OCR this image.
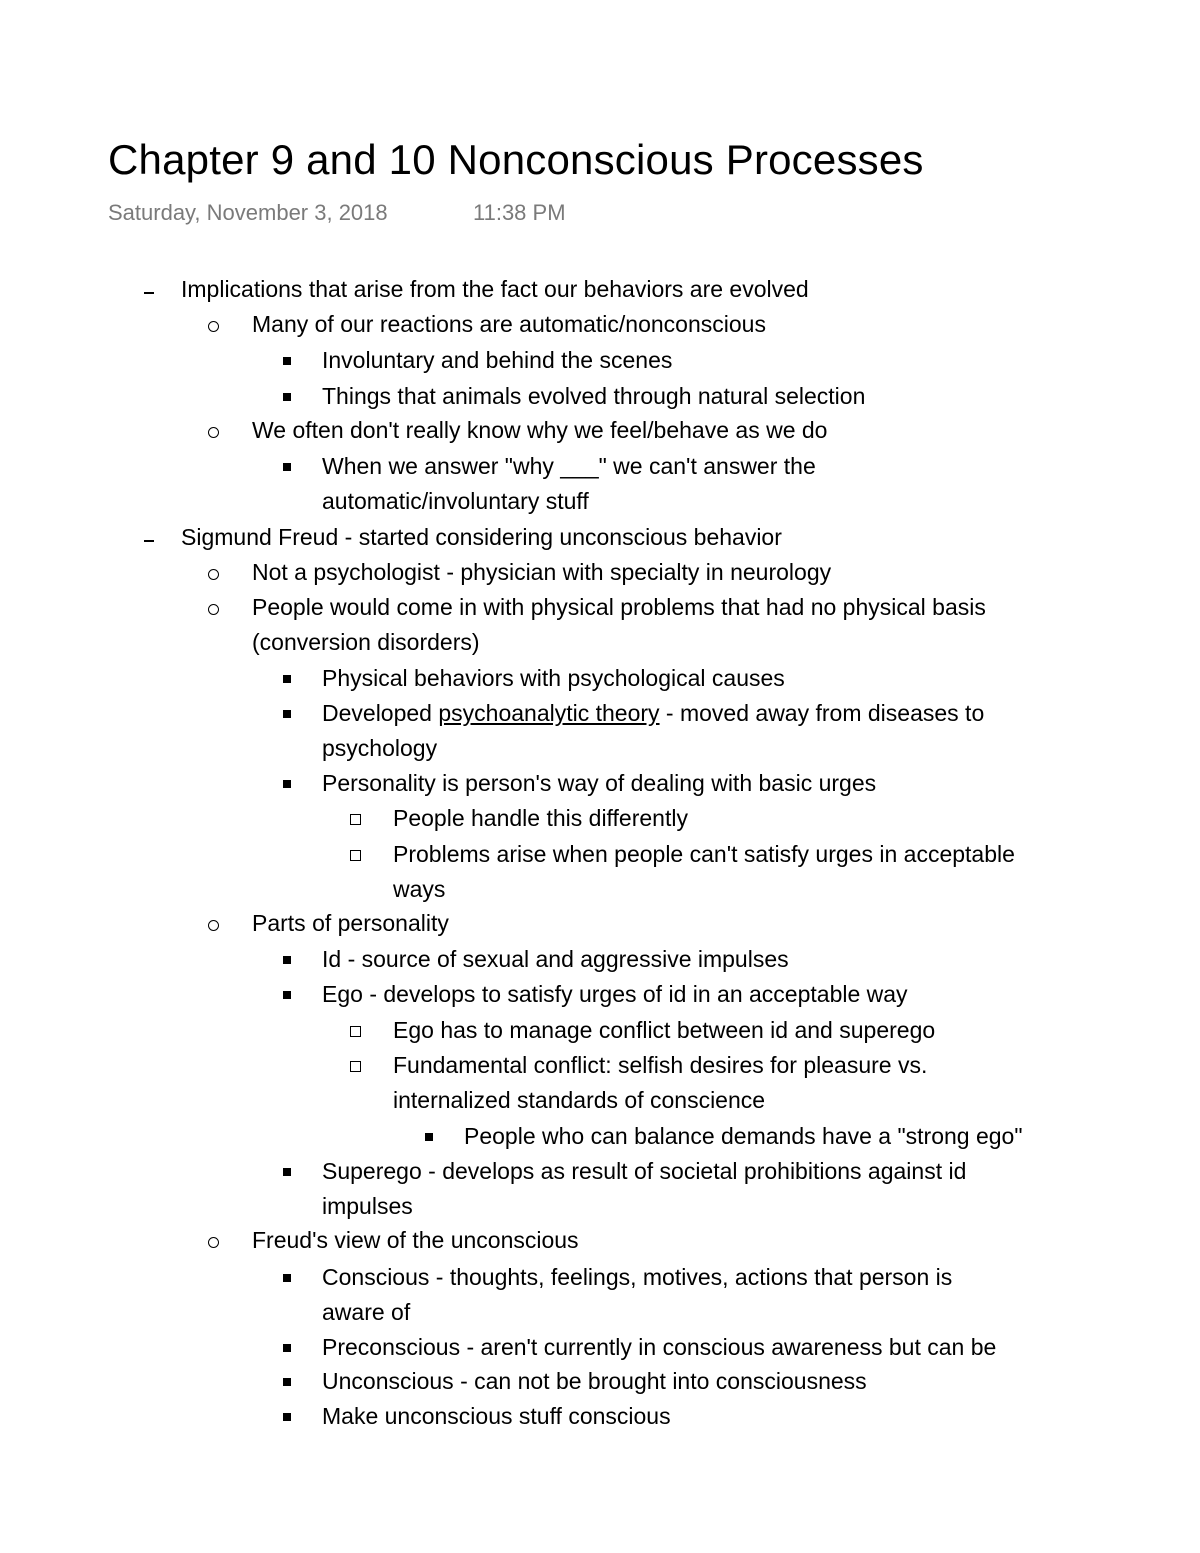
Chapter 9 and 10 Nonconscious Processes
Saturday, November 3, 2018	11:38 PM
Implications that arise from the fact our behaviors are evolved
Many of our reactions are automatic/nonconscious
Involuntary and behind the scenes
Things that animals evolved through natural selection
We often don't really know why we feel/behave as we do
When we answer "why ___" we can't answer the
automatic/involuntary stuff
Sigmund Freud - started considering unconscious behavior
Not a psychologist - physician with specialty in neurology
People would come in with physical problems that had no physical basis
(conversion disorders)
Physical behaviors with psychological causes
Developed psychoanalytic theory - moved away from diseases to
psychology
Personality is person's way of dealing with basic urges
People handle this differently
Problems arise when people can't satisfy urges in acceptable
ways
Parts of personality
Id - source of sexual and aggressive impulses
Ego - develops to satisfy urges of id in an acceptable way
Ego has to manage conflict between id and superego
Fundamental conflict: selfish desires for pleasure vs.
internalized standards of conscience
People who can balance demands have a "strong ego"
Superego - develops as result of societal prohibitions against id
impulses
Freud's view of the unconscious
Conscious - thoughts, feelings, motives, actions that person is
aware of
Preconscious - aren't currently in conscious awareness but can be
Unconscious - can not be brought into consciousness
Make unconscious stuff conscious
